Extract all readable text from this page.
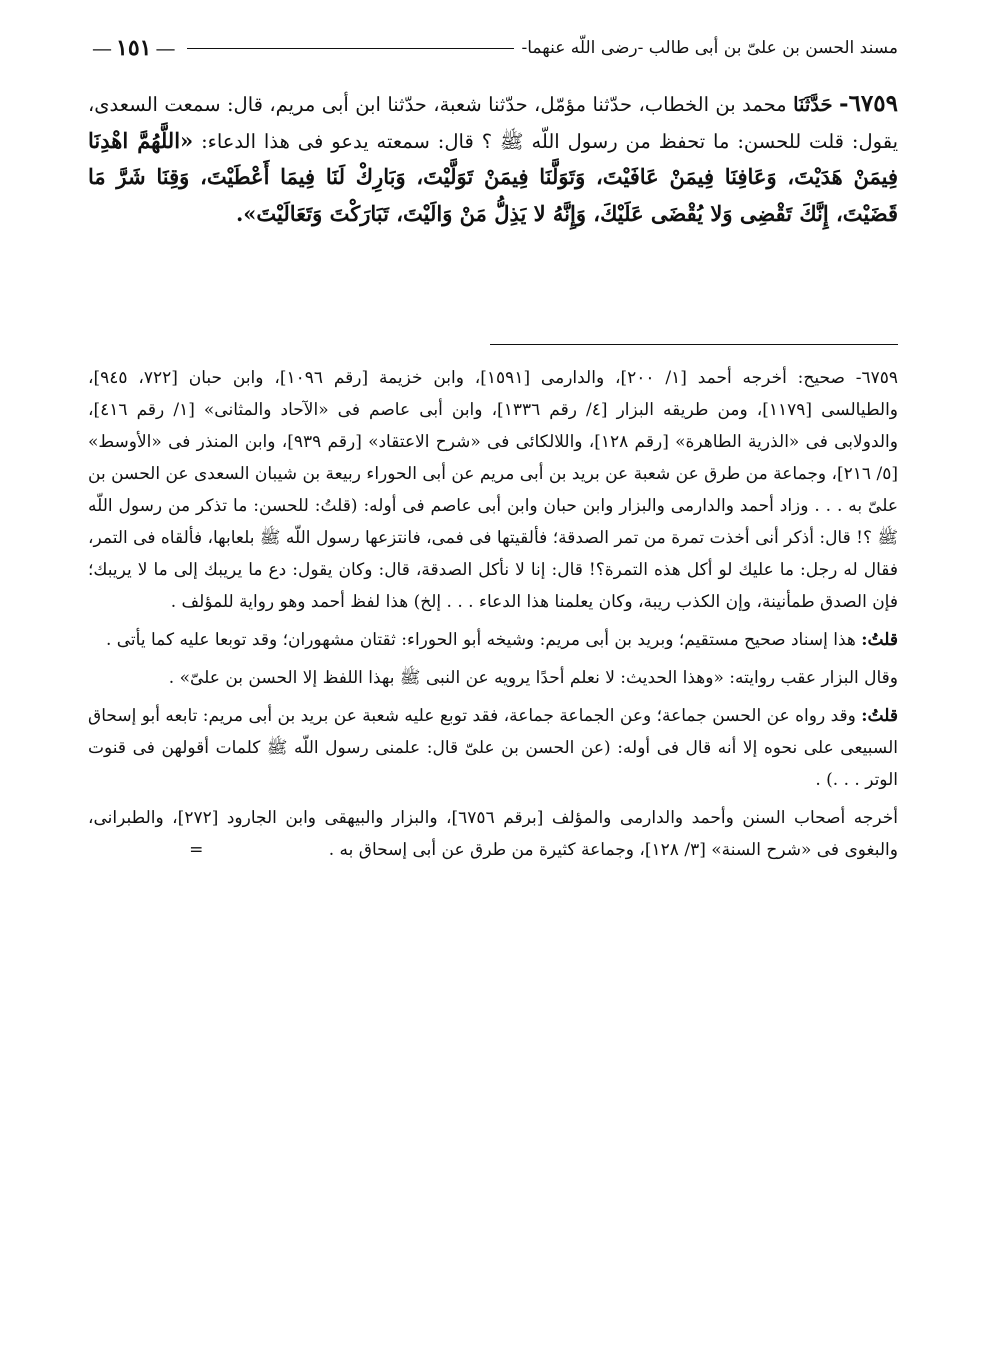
مسند الحسن بن علىّ بن أبى طالب -رضى اللّه عنهما-
—
١٥١
—
٦٧٥٩- حَدَّثَنَا محمد بن الخطاب، حدّثنا مؤمّل، حدّثنا شعبة، حدّثنا ابن أبى مريم، قال: سمعت السعدى، يقول: قلت للحسن: ما تحفظ من رسول اللّه ﷺ ؟ قال: سمعته يدعو فى هذا الدعاء: «اللَّهُمَّ اهْدِنَا فِيمَنْ هَدَيْتَ، وَعَافِنَا فِيمَنْ عَافَيْتَ، وَتَوَلَّنَا فِيمَنْ تَوَلَّيْتَ، وَبَارِكْ لَنَا فِيمَا أَعْطَيْتَ، وَقِنَا شَرَّ مَا قَضَيْتَ، إِنَّكَ تَقْضِى وَلا يُقْضَى عَلَيْكَ، وَإِنَّهُ لا يَذِلُّ مَنْ وَالَيْتَ، تَبَارَكْتَ وَتَعَالَيْتَ».

٦٧٥٩- صحيح: أخرجه أحمد [١/ ٢٠٠]، والدارمى [١٥٩١]، وابن خزيمة [رقم ١٠٩٦]، وابن حبان [٧٢٢، ٩٤٥]، والطيالسى [١١٧٩]، ومن طريقه البزار [٤/ رقم ١٣٣٦]، وابن أبى عاصم فى «الآحاد والمثانى» [١/ رقم ٤١٦]، والدولابى فى «الذرية الطاهرة» [رقم ١٢٨]، واللالكائى فى «شرح الاعتقاد» [رقم ٩٣٩]، وابن المنذر فى «الأوسط» [٥/ ٢١٦]، وجماعة من طرق عن شعبة عن بريد بن أبى مريم عن أبى الحوراء ربيعة بن شيبان السعدى عن الحسن بن علىّ به . . . وزاد أحمد والدارمى والبزار وابن حبان وابن أبى عاصم فى أوله: (قلتُ: للحسن: ما تذكر من رسول اللّه ﷺ ؟! قال: أذكر أنى أخذت تمرة من تمر الصدقة؛ فألقيتها فى فمى، فانتزعها رسول اللّه ﷺ بلعابها، فألقاه فى التمر، فقال له رجل: ما عليك لو أكل هذه التمرة؟! قال: إنا لا نأكل الصدقة، قال: وكان يقول: دع ما يريبك إلى ما لا يريبك؛ فإن الصدق طمأنينة، وإن الكذب ريبة، وكان يعلمنا هذا الدعاء . . . إلخ) هذا لفظ أحمد وهو رواية للمؤلف .

قلتُ: هذا إسناد صحيح مستقيم؛ وبريد بن أبى مريم: وشيخه أبو الحوراء: ثقتان مشهوران؛ وقد توبعا عليه كما يأتى .

وقال البزار عقب روايته: «وهذا الحديث: لا نعلم أحدًا يرويه عن النبى ﷺ بهذا اللفظ إلا الحسن بن علىّ» .

قلتُ: وقد رواه عن الحسن جماعة؛ وعن الجماعة جماعة، فقد توبع عليه شعبة عن بريد بن أبى مريم: تابعه أبو إسحاق السبيعى على نحوه إلا أنه قال فى أوله: (عن الحسن بن علىّ قال: علمنى رسول اللّه ﷺ كلمات أقولهن فى قنوت الوتر . . .) .

أخرجه أصحاب السنن وأحمد والدارمى والمؤلف [برقم ٦٧٥٦]، والبزار والبيهقى وابن الجارود [٢٧٢]، والطبرانى، والبغوى فى «شرح السنة» [٣/ ١٢٨]، وجماعة كثيرة من طرق عن أبى إسحاق به . =
